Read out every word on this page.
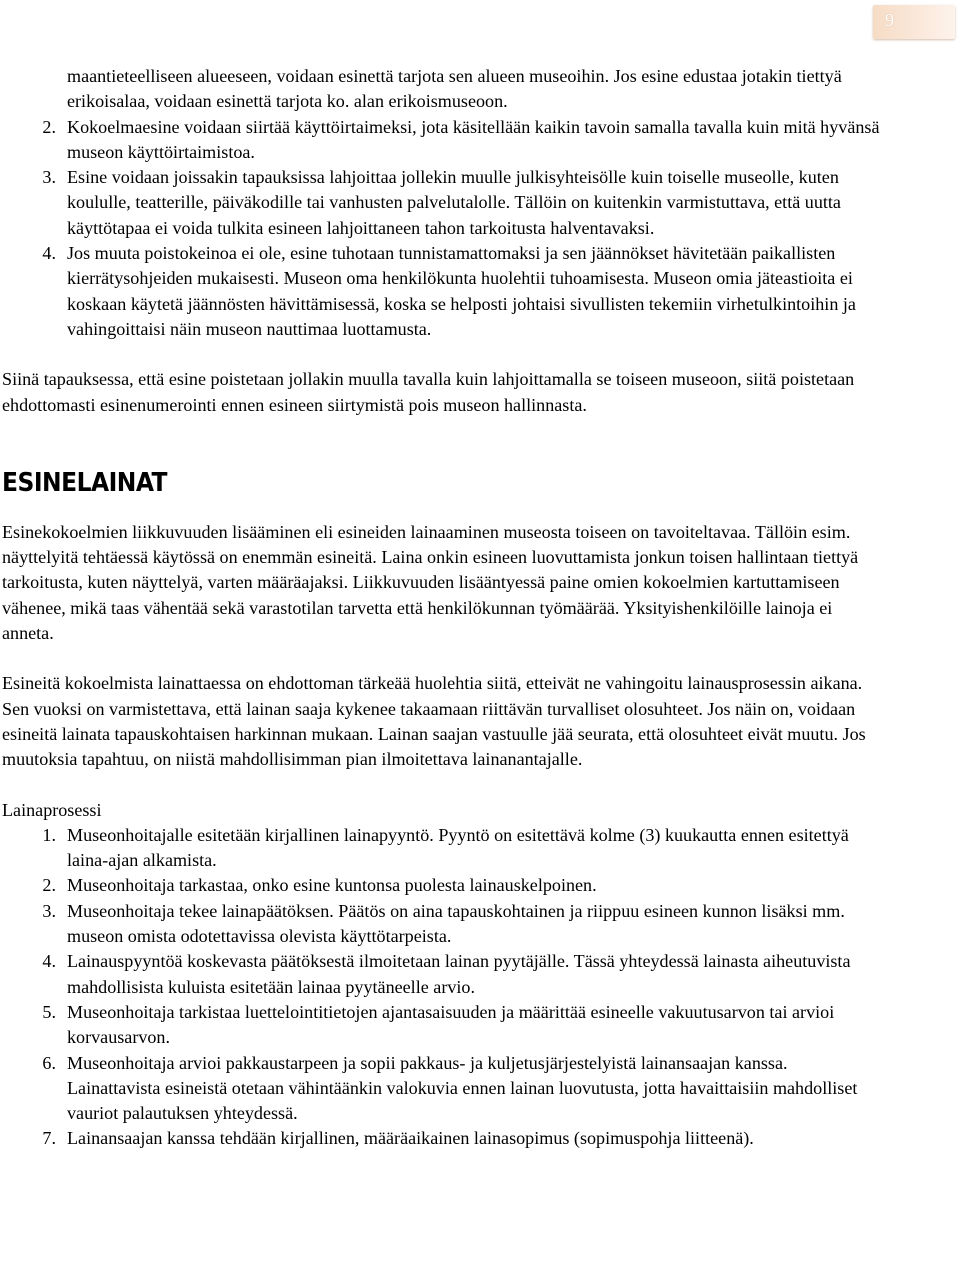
9
maantieteelliseen alueeseen, voidaan esinettä tarjota sen alueen museoihin. Jos esine edustaa jotakin tiettyä erikoisalaa, voidaan esinettä tarjota ko. alan erikoismuseoon.
2. Kokoelmaesine voidaan siirtää käyttöirtaimeksi, jota käsitellään kaikin tavoin samalla tavalla kuin mitä hyvänsä museon käyttöirtaimistoa.
3. Esine voidaan joissakin tapauksissa lahjoittaa jollekin muulle julkisyhteisölle kuin toiselle museolle, kuten koululle, teatterille, päiväkodille tai vanhusten palvelutalolle. Tällöin on kuitenkin varmistuttava, että uutta käyttötapaa ei voida tulkita esineen lahjoittaneen tahon tarkoitusta halventavaksi.
4. Jos muuta poistokeinoa ei ole, esine tuhotaan tunnistamattomaksi ja sen jäännökset hävitetään paikallisten kierrätysohjeiden mukaisesti. Museon oma henkilökunta huolehtii tuhoamisesta. Museon omia jäteastioita ei koskaan käytetä jäännösten hävittämisessä, koska se helposti johtaisi sivullisten tekemiin virhetulkintoihin ja vahingoittaisi näin museon nauttimaa luottamusta.

Siinä tapauksessa, että esine poistetaan jollakin muulla tavalla kuin lahjoittamalla se toiseen museoon, siitä poistetaan ehdottomasti esinenumerointi ennen esineen siirtymistä pois museon hallinnasta.

ESINELAINAT

Esinekokoelmien liikkuvuuden lisääminen eli esineiden lainaaminen museosta toiseen on tavoiteltavaa. Tällöin esim. näyttelyitä tehtäessä käytössä on enemmän esineitä. Laina onkin esineen luovuttamista jonkun toisen hallintaan tiettyä tarkoitusta, kuten näyttelyä, varten määräajaksi. Liikkuvuuden lisääntyessä paine omien kokoelmien kartuttamiseen vähenee, mikä taas vähentää sekä varastotilan tarvetta että henkilökunnan työmäärää. Yksityishenkilöille lainoja ei anneta.

Esineitä kokoelmista lainattaessa on ehdottoman tärkeää huolehtia siitä, etteivät ne vahingoitu lainausprosessin aikana. Sen vuoksi on varmistettava, että lainan saaja kykenee takaamaan riittävän turvalliset olosuhteet. Jos näin on, voidaan esineitä lainata tapauskohtaisen harkinnan mukaan. Lainan saajan vastuulle jää seurata, että olosuhteet eivät muutu. Jos muutoksia tapahtuu, on niistä mahdollisimman pian ilmoitettava lainanantajalle.

Lainaprosessi

1. Museonhoitajalle esitetään kirjallinen lainapyyntö. Pyyntö on esitettävä kolme (3) kuukautta ennen esitettyä laina-ajan alkamista.
2. Museonhoitaja tarkastaa, onko esine kuntonsa puolesta lainauskelpoinen.
3. Museonhoitaja tekee lainapäätöksen. Päätös on aina tapauskohtainen ja riippuu esineen kunnon lisäksi mm. museon omista odotettavissa olevista käyttötarpeista.
4. Lainauspyyntöä koskevasta päätöksestä ilmoitetaan lainan pyytäjälle. Tässä yhteydessä lainasta aiheutuvista mahdollisista kuluista esitetään lainaa pyytäneelle arvio.
5. Museonhoitaja tarkistaa luettelointitietojen ajantasaisuuden ja määrittää esineelle vakuutusarvon tai arvioi korvausarvon.
6. Museonhoitaja arvioi pakkaustarpeen ja sopii pakkaus- ja kuljetusjärjestelyistä lainansaajan kanssa. Lainattavista esineistä otetaan vähintäänkin valokuvia ennen lainan luovutusta, jotta havaittaisiin mahdolliset vauriot palautuksen yhteydessä.
7. Lainansaajan kanssa tehdään kirjallinen, määräaikainen lainasopimus (sopimuspohja liitteenä).
